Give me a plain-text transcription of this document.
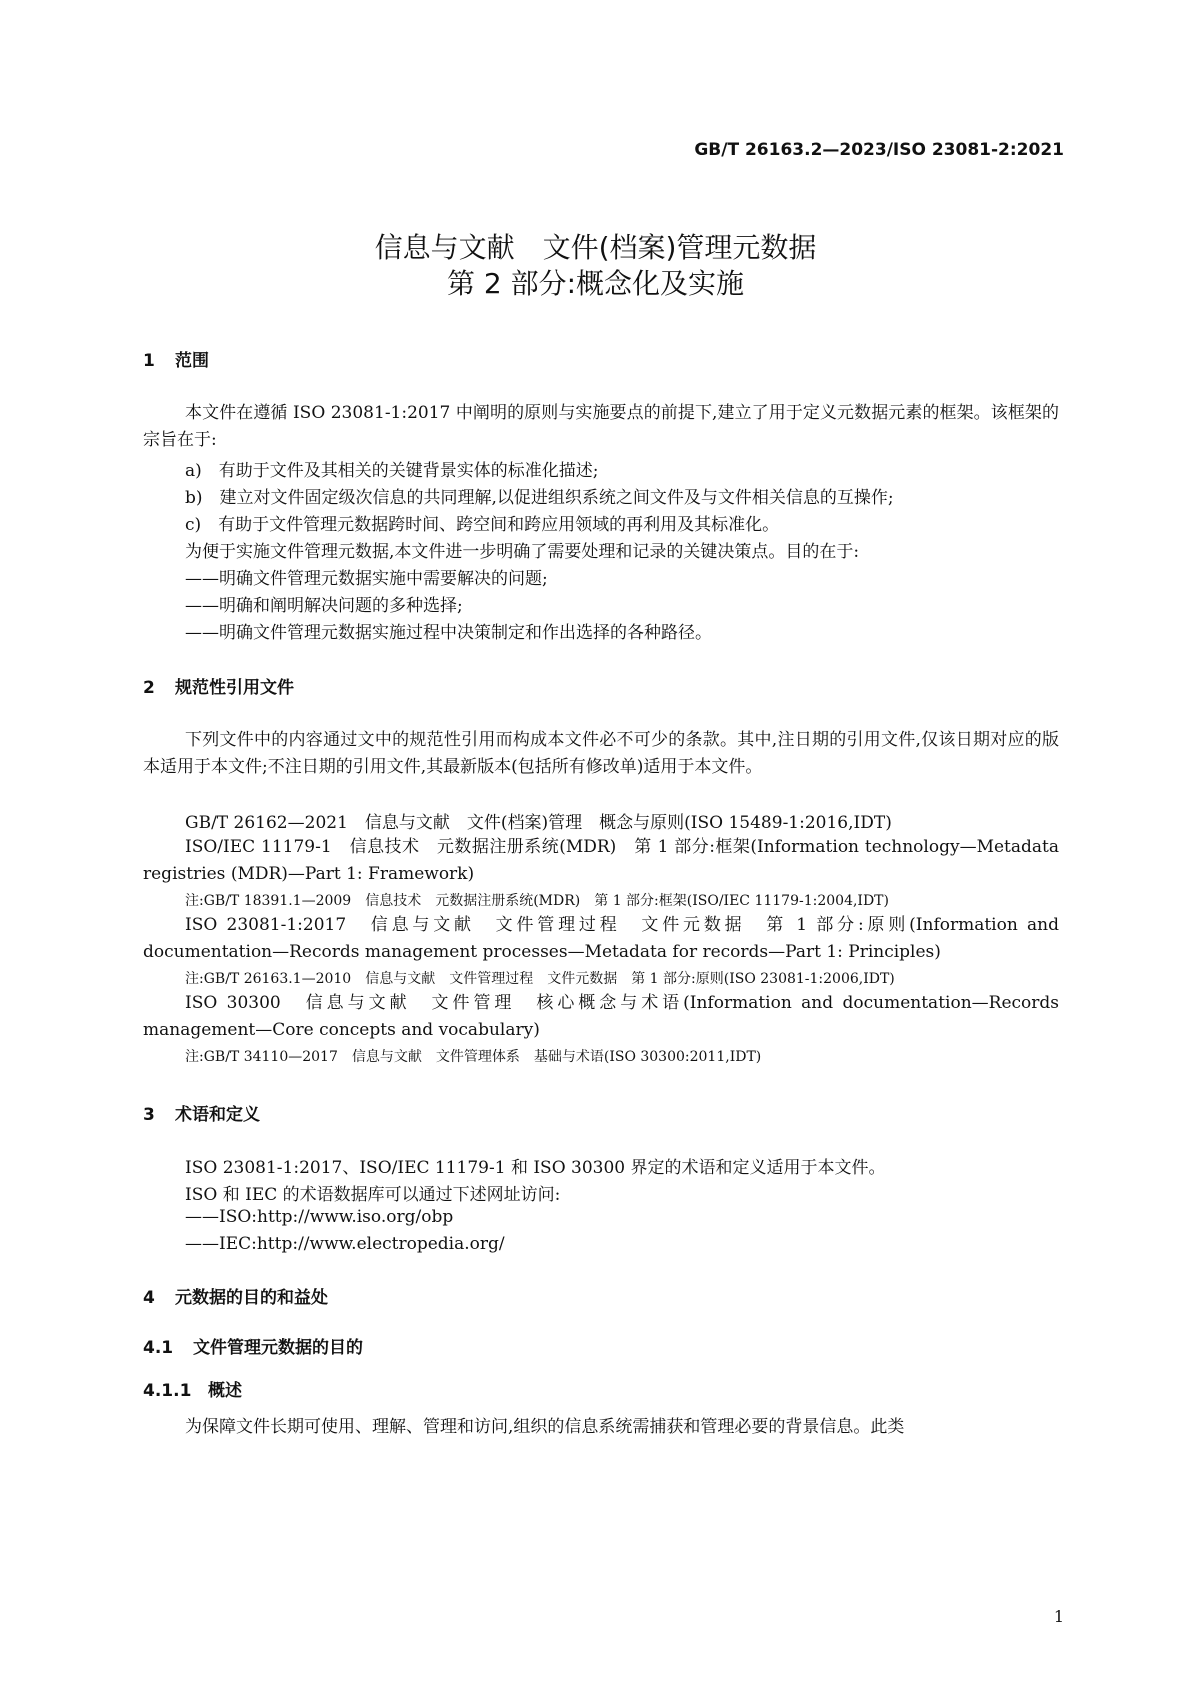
GB/T 26163.2—2023/ISO 23081-2:2021
信息与文献　文件(档案)管理元数据
第 2 部分:概念化及实施
1 范围
本文件在遵循 ISO 23081-1:2017 中阐明的原则与实施要点的前提下,建立了用于定义元数据元素的框架。该框架的宗旨在于:
a)　有助于文件及其相关的关键背景实体的标准化描述;
b)　建立对文件固定级次信息的共同理解,以促进组织系统之间文件及与文件相关信息的互操作;
c)　有助于文件管理元数据跨时间、跨空间和跨应用领域的再利用及其标准化。
为便于实施文件管理元数据,本文件进一步明确了需要处理和记录的关键决策点。目的在于:
——明确文件管理元数据实施中需要解决的问题;
——明确和阐明解决问题的多种选择;
——明确文件管理元数据实施过程中决策制定和作出选择的各种路径。
2 规范性引用文件
下列文件中的内容通过文中的规范性引用而构成本文件必不可少的条款。其中,注日期的引用文件,仅该日期对应的版本适用于本文件;不注日期的引用文件,其最新版本(包括所有修改单)适用于本文件。
GB/T 26162—2021　信息与文献　文件(档案)管理　概念与原则(ISO 15489-1:2016,IDT)
ISO/IEC 11179-1　信息技术　元数据注册系统(MDR)　第 1 部分:框架(Information technology—Metadata registries (MDR)—Part 1: Framework)
注:GB/T 18391.1—2009　信息技术　元数据注册系统(MDR)　第 1 部分:框架(ISO/IEC 11179-1:2004,IDT)
ISO 23081-1:2017　信息与文献　文件管理过程　文件元数据　第 1 部分:原则(Information and documentation—Records management processes—Metadata for records—Part 1: Principles)
注:GB/T 26163.1—2010　信息与文献　文件管理过程　文件元数据　第 1 部分:原则(ISO 23081-1:2006,IDT)
ISO 30300　信息与文献　文件管理　核心概念与术语(Information and documentation—Records management—Core concepts and vocabulary)
注:GB/T 34110—2017　信息与文献　文件管理体系　基础与术语(ISO 30300:2011,IDT)
3 术语和定义
ISO 23081-1:2017、ISO/IEC 11179-1 和 ISO 30300 界定的术语和定义适用于本文件。
ISO 和 IEC 的术语数据库可以通过下述网址访问:
——ISO:http://www.iso.org/obp
——IEC:http://www.electropedia.org/
4 元数据的目的和益处
4.1 文件管理元数据的目的
4.1.1 概述
为保障文件长期可使用、理解、管理和访问,组织的信息系统需捕获和管理必要的背景信息。此类
1
